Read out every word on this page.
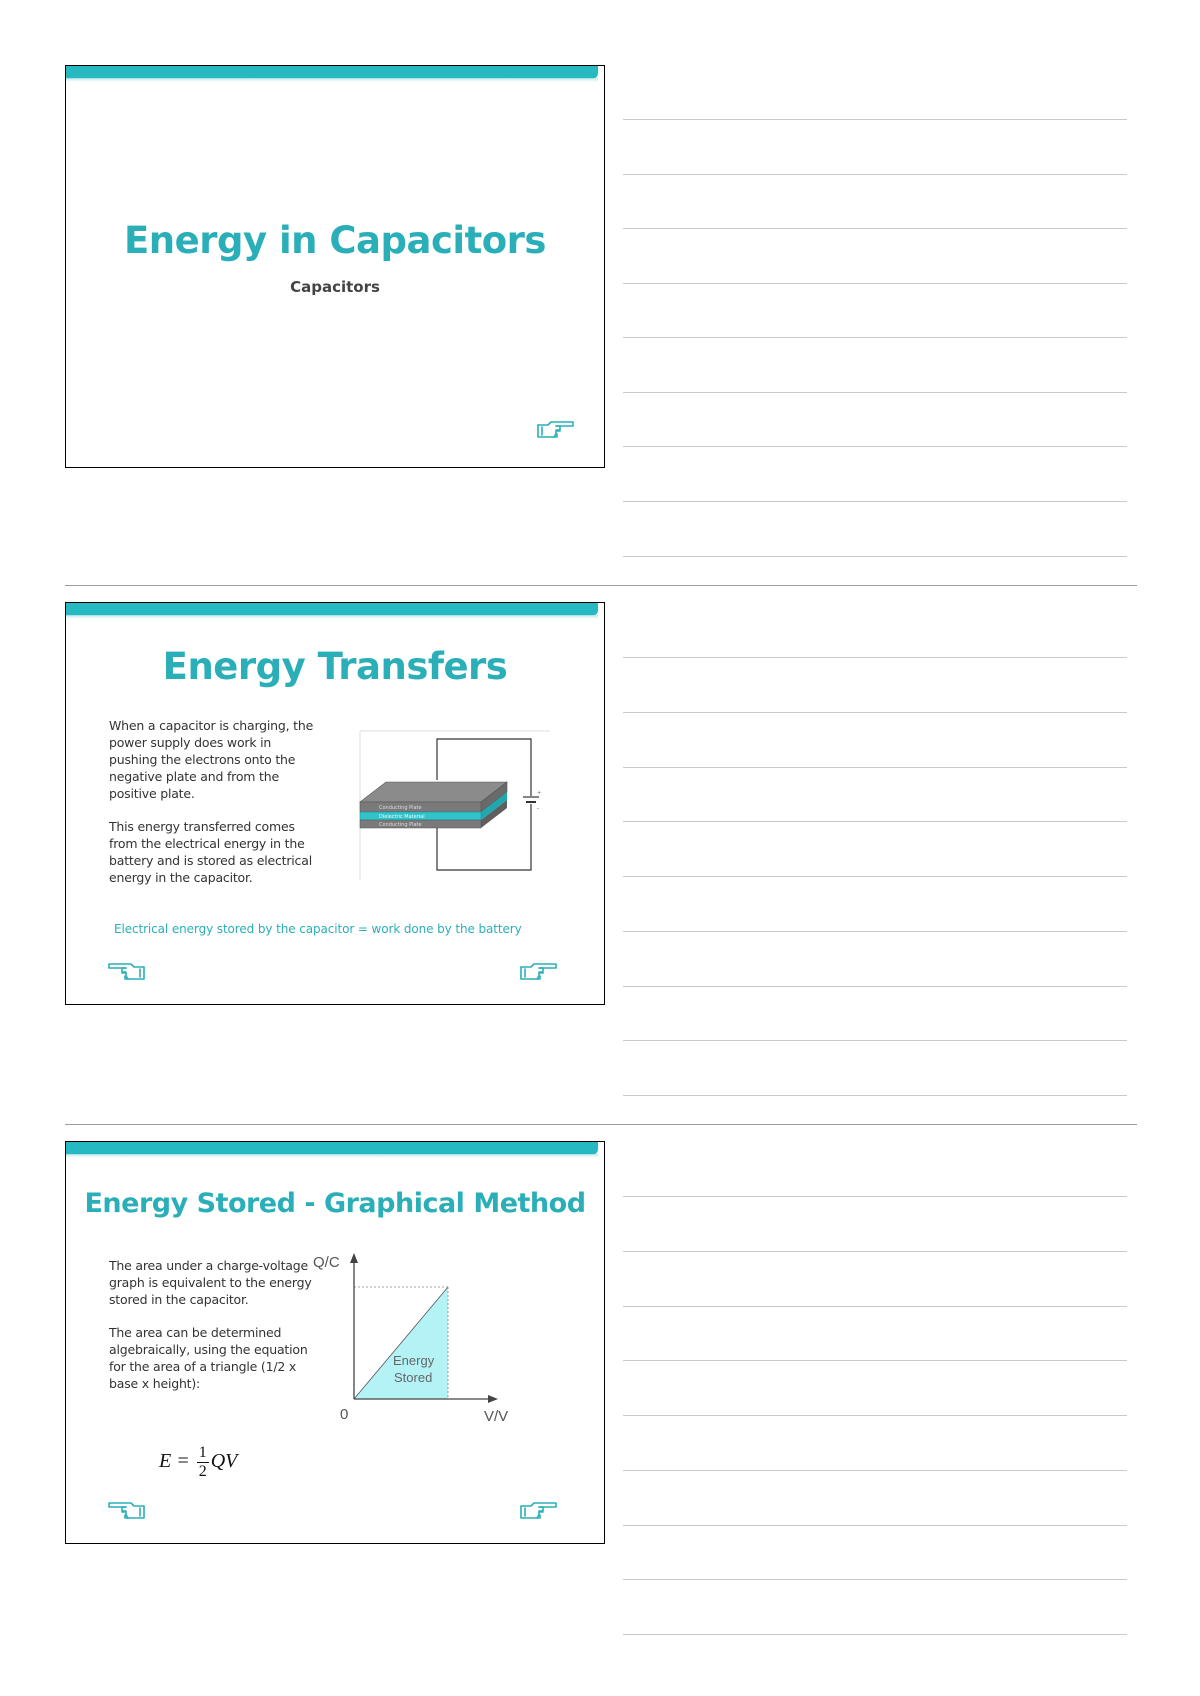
Energy in Capacitors
Capacitors
Energy Transfers

When a capacitor is charging, the power supply does work in pushing the electrons onto the negative plate and from the positive plate.

This energy transferred comes from the electrical energy in the battery and is stored as electrical energy in the capacitor.

+
-
Conducting Plate
Dielectric Material
Conducting Plate
Electrical energy stored by the capacitor = work done by the battery
Energy Stored - Graphical Method

The area under a charge-voltage graph is equivalent to the energy stored in the capacitor.

The area can be determined algebraically, using the equation for the area of a triangle (1/2 x base x height):

$E = \frac{1}{2}$ QV
Q/C
V/V
0
Energy
Stored
